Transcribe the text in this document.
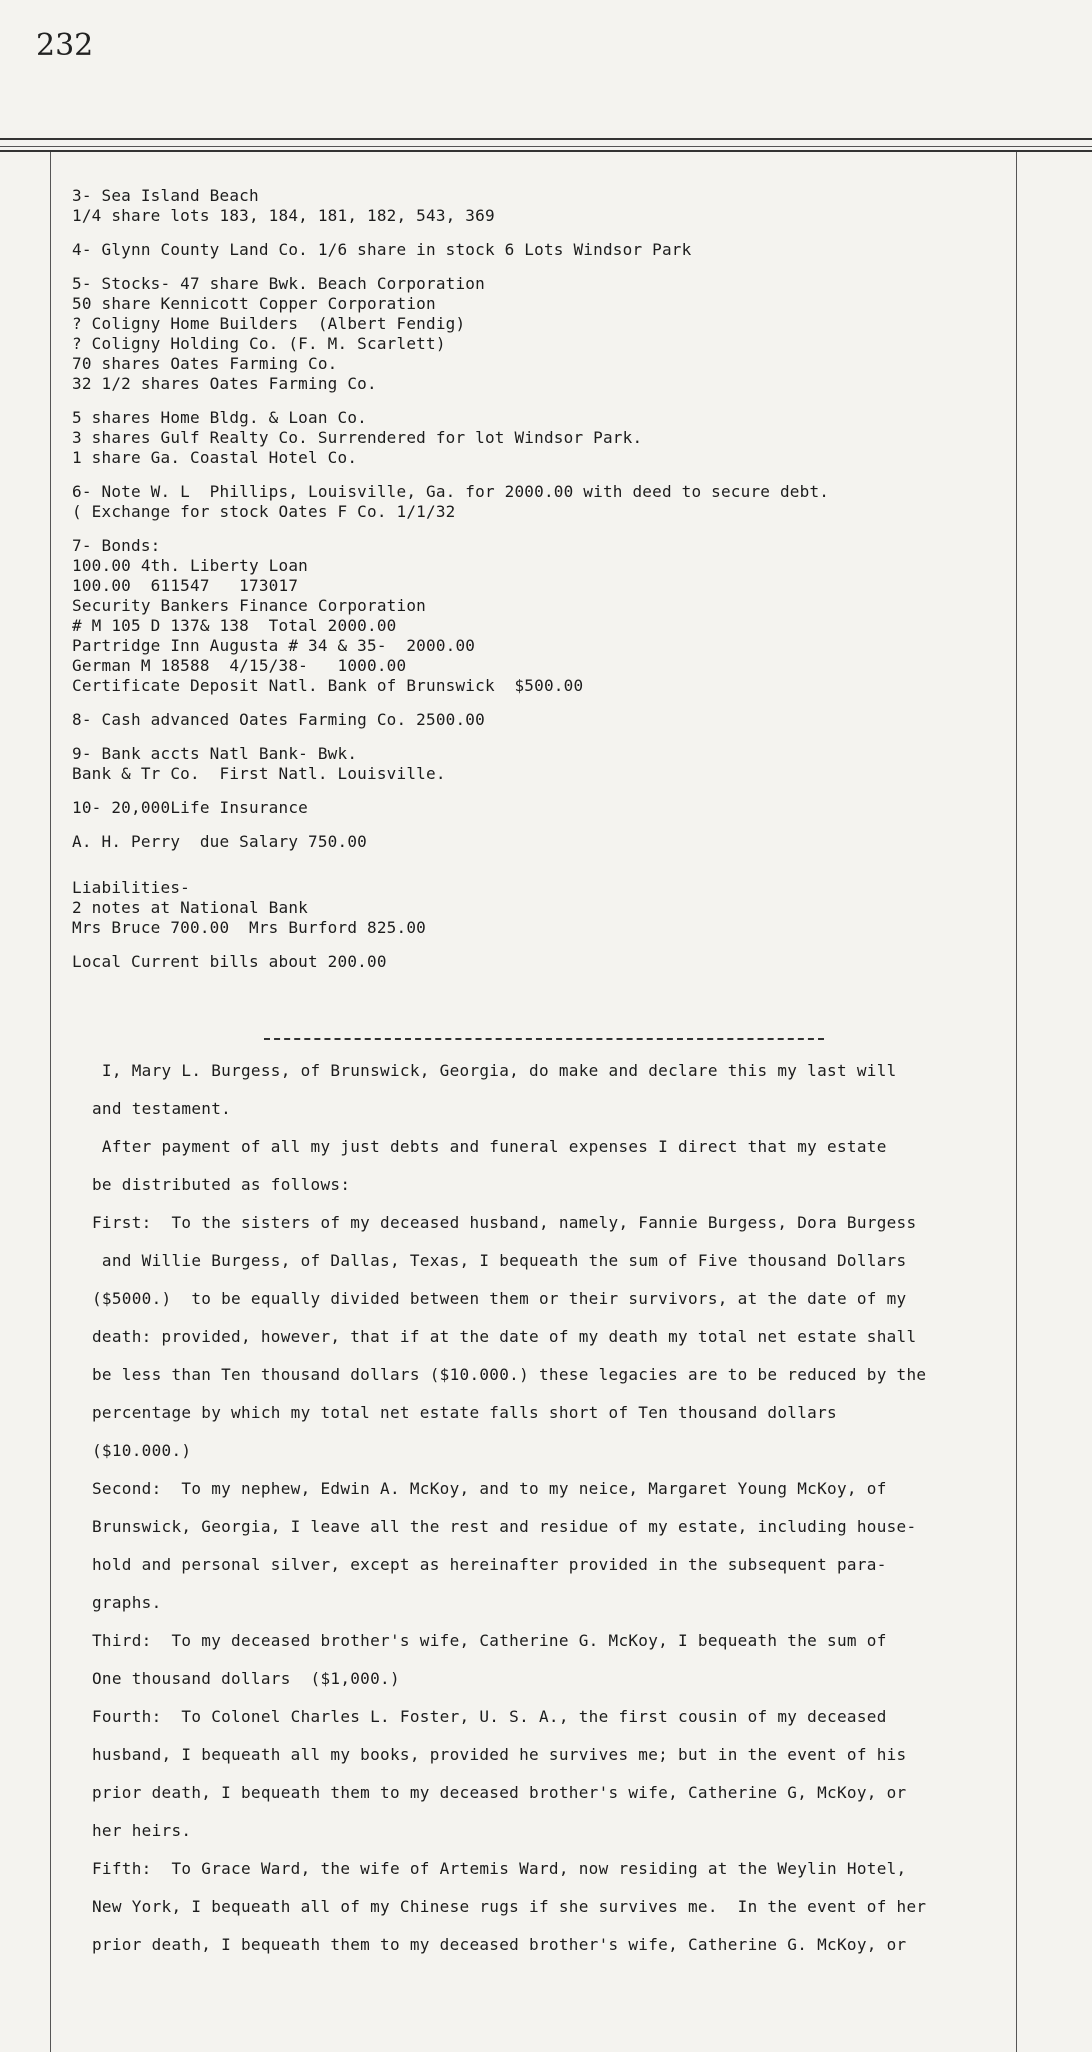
232
3- Sea Island Beach
1/4 share lots 183, 184, 181, 182, 543, 369
4- Glynn County Land Co. 1/6 share in stock 6 Lots Windsor Park
5- Stocks- 47 share Bwk. Beach Corporation
50 share Kennicott Copper Corporation
? Coligny Home Builders  (Albert Fendig)
? Coligny Holding Co. (F. M. Scarlett)
70 shares Oates Farming Co.
32 1/2 shares Oates Farming Co.
5 shares Home Bldg. & Loan Co.
3 shares Gulf Realty Co. Surrendered for lot Windsor Park.
1 share Ga. Coastal Hotel Co.
6- Note W. L  Phillips, Louisville, Ga. for 2000.00 with deed to secure debt.
( Exchange for stock Oates F Co. 1/1/32
7- Bonds:
100.00 4th. Liberty Loan
100.00  611547   173017
Security Bankers Finance Corporation
# M 105 D 137& 138  Total 2000.00
Partridge Inn Augusta # 34 & 35-  2000.00
German M 18588  4/15/38-   1000.00
Certificate Deposit Natl. Bank of Brunswick  $500.00
8- Cash advanced Oates Farming Co. 2500.00
9- Bank accts Natl Bank- Bwk.
Bank & Tr Co.  First Natl. Louisville.
10- 20,000Life Insurance
A. H. Perry  due Salary 750.00
Liabilities-
2 notes at National Bank
Mrs Bruce 700.00  Mrs Burford 825.00
Local Current bills about 200.00
I, Mary L. Burgess, of Brunswick, Georgia, do make and declare this my last will
and testament.
After payment of all my just debts and funeral expenses I direct that my estate
be distributed as follows:
First:  To the sisters of my deceased husband, namely, Fannie Burgess, Dora Burgess
and Willie Burgess, of Dallas, Texas, I bequeath the sum of Five thousand Dollars
($5000.)  to be equally divided between them or their survivors, at the date of my
death: provided, however, that if at the date of my death my total net estate shall
be less than Ten thousand dollars ($10.000.) these legacies are to be reduced by the
percentage by which my total net estate falls short of Ten thousand dollars
($10.000.)
Second:  To my nephew, Edwin A. McKoy, and to my neice, Margaret Young McKoy, of
Brunswick, Georgia, I leave all the rest and residue of my estate, including house-
hold and personal silver, except as hereinafter provided in the subsequent para-
graphs.
Third:  To my deceased brother's wife, Catherine G. McKoy, I bequeath the sum of
One thousand dollars  ($1,000.)
Fourth:  To Colonel Charles L. Foster, U. S. A., the first cousin of my deceased
husband, I bequeath all my books, provided he survives me; but in the event of his
prior death, I bequeath them to my deceased brother's wife, Catherine G, McKoy, or
her heirs.
Fifth:  To Grace Ward, the wife of Artemis Ward, now residing at the Weylin Hotel,
New York, I bequeath all of my Chinese rugs if she survives me.  In the event of her
prior death, I bequeath them to my deceased brother's wife, Catherine G. McKoy, or
